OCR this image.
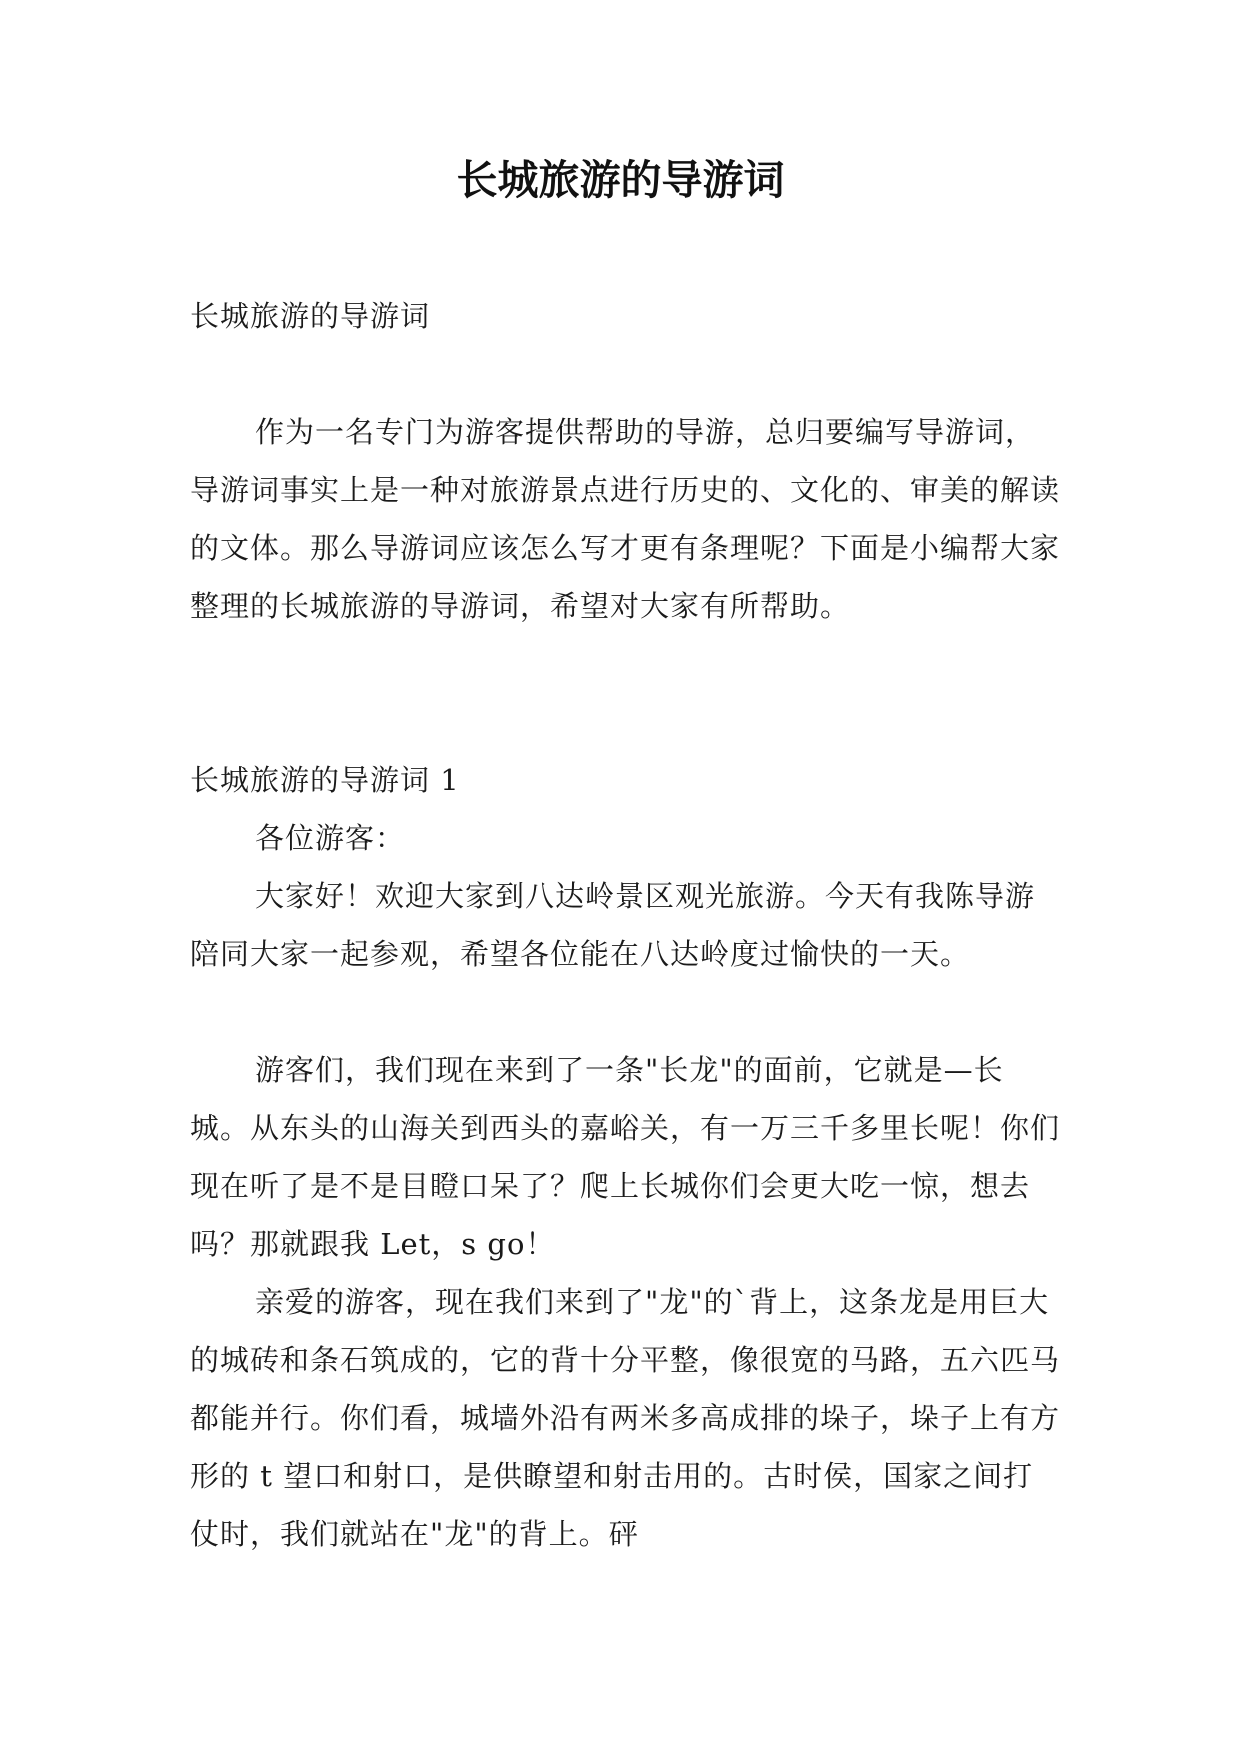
长城旅游的导游词

长城旅游的导游词

作为一名专门为游客提供帮助的导游，总归要编写导游词，导游词事实上是一种对旅游景点进行历史的、文化的、审美的解读的文体。那么导游词应该怎么写才更有条理呢？下面是小编帮大家整理的长城旅游的导游词，希望对大家有所帮助。

长城旅游的导游词 1

各位游客：

大家好！欢迎大家到八达岭景区观光旅游。今天有我陈导游陪同大家一起参观，希望各位能在八达岭度过愉快的一天。

游客们，我们现在来到了一条"长龙"的面前，它就是—长城。从东头的山海关到西头的嘉峪关，有一万三千多里长呢！你们现在听了是不是目瞪口呆了？爬上长城你们会更大吃一惊，想去吗？那就跟我 Let，s go！

亲爱的游客，现在我们来到了"龙"的`背上，这条龙是用巨大的城砖和条石筑成的，它的背十分平整，像很宽的马路，五六匹马都能并行。你们看，城墙外沿有两米多高成排的垛子，垛子上有方形的 t 望口和射口，是供瞭望和射击用的。古时侯，国家之间打仗时，我们就站在"龙"的背上。砰
